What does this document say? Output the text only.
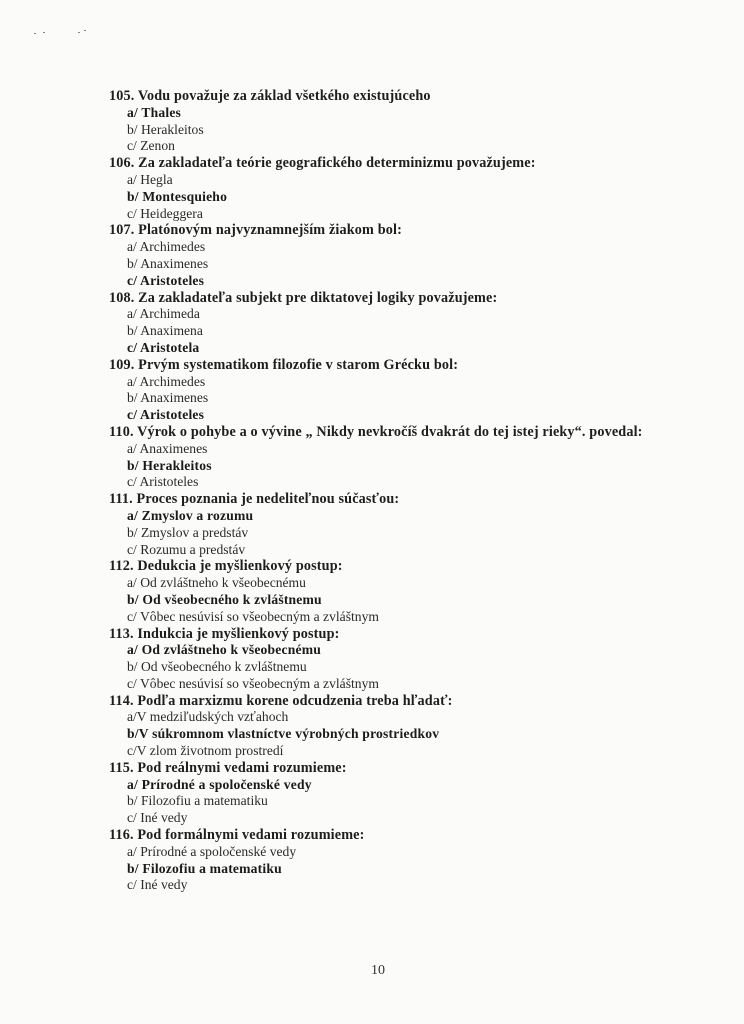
105. Vodu považuje za základ všetkého existujúceho
a/ Thales
b/ Herakleitos
c/ Zenon
106. Za zakladateľa teórie geografického determinizmu považujeme:
a/ Hegla
b/ Montesquieho
c/ Heideggera
107. Platónovým najvyznamnejším žiakom bol:
a/ Archimedes
b/ Anaximenes
c/ Aristoteles
108. Za zakladateľa subjekt pre diktatovej logiky považujeme:
a/ Archimeda
b/ Anaximena
c/ Aristotela
109. Prvým systematikom filozofie v starom Grécku bol:
a/ Archimedes
b/ Anaximenes
c/ Aristoteles
110. Výrok o pohybe a o vývine „ Nikdy nevkročíš dvakrát do tej istej rieky“. povedal:
a/ Anaximenes
b/ Herakleitos
c/ Aristoteles
111. Proces poznania je nedeliteľnou súčasťou:
a/ Zmyslov a rozumu
b/ Zmyslov a predstáv
c/ Rozumu a predstáv
112. Dedukcia je myšlienkový postup:
a/ Od zvláštneho k všeobecnému
b/ Od všeobecného k zvláštnemu
c/ Vôbec nesúvisí so všeobecným a zvláštnym
113. Indukcia je myšlienkový postup:
a/ Od zvláštneho k všeobecnému
b/ Od všeobecného k zvláštnemu
c/ Vôbec nesúvisí so všeobecným a zvláštnym
114. Podľa marxizmu korene odcudzenia treba hľadať:
a/V medziľudských vzťahoch
b/V súkromnom vlastníctve výrobných prostriedkov
c/V zlom životnom prostredí
115. Pod reálnymi vedami rozumieme:
a/ Prírodné a spoločenské vedy
b/ Filozofiu a matematiku
c/ Iné vedy
116. Pod formálnymi vedami rozumieme:
a/ Prírodné a spoločenské vedy
b/ Filozofiu a matematiku
c/ Iné vedy
10
